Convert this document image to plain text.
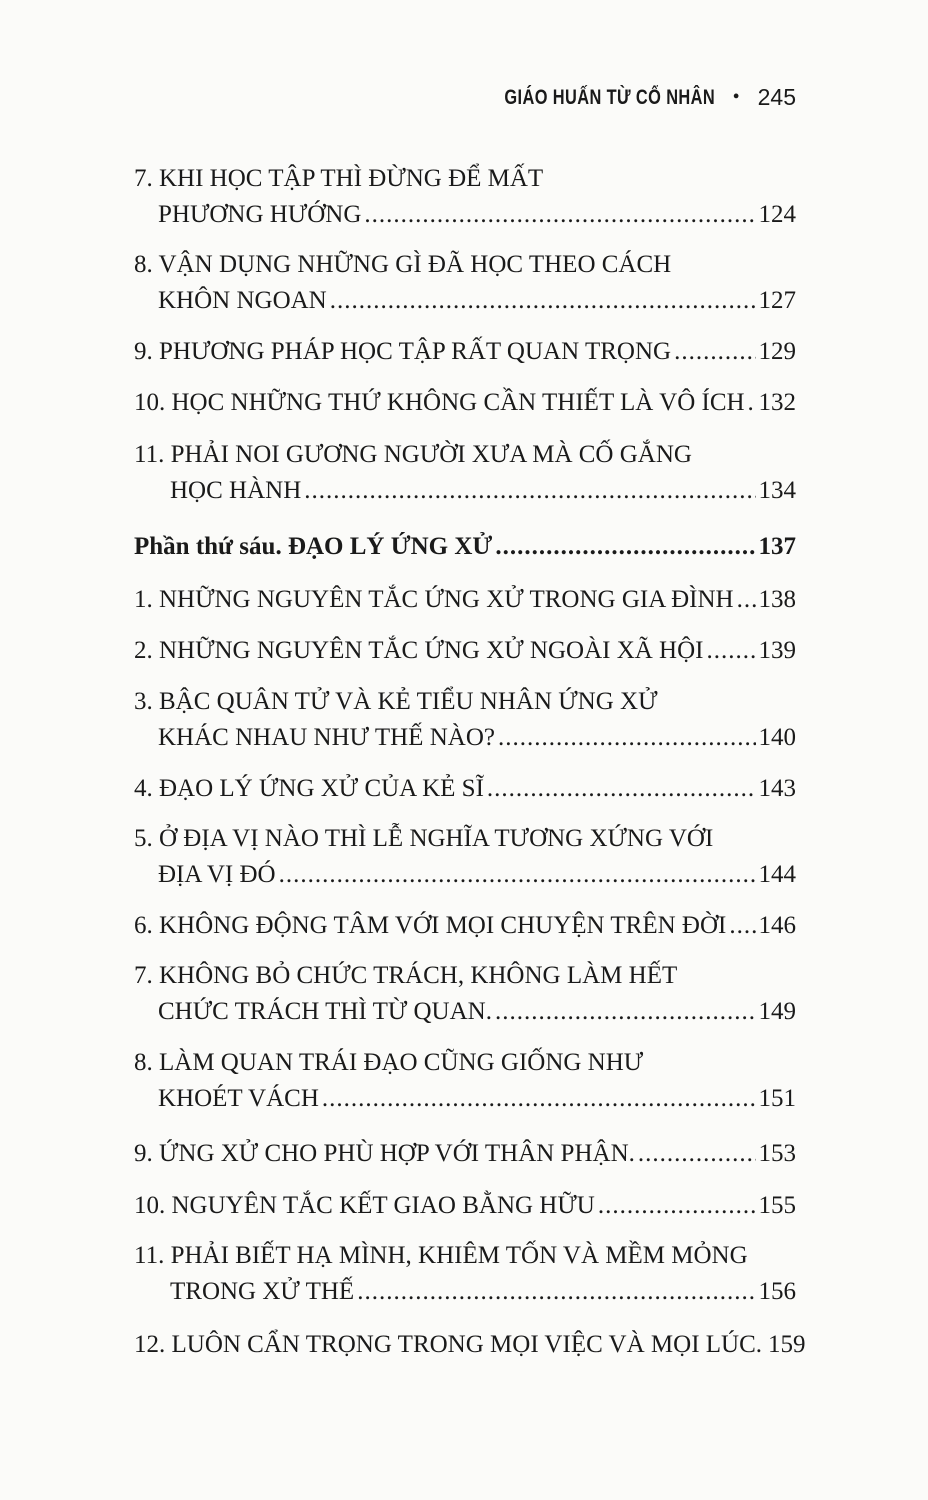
GIÁO HUẤN TỪ CỔ NHÂN • 245
7. KHI HỌC TẬP THÌ ĐỪNG ĐỂ MẤT
PHƯƠNG HƯỚNG .....	124
8. VẬN DỤNG NHỮNG GÌ ĐÃ HỌC THEO CÁCH
KHÔN NGOAN .....	127
9. PHƯƠNG PHÁP HỌC TẬP RẤT QUAN TRỌNG .....	129
10. HỌC NHỮNG THỨ KHÔNG CẦN THIẾT LÀ VÔ ÍCH ..... 132
11. PHẢI NOI GƯƠNG NGƯỜI XƯA MÀ CỐ GẮNG
HỌC HÀNH .....	134
Phần thứ sáu. ĐẠO LÝ ỨNG XỬ .....	137
1. NHỮNG NGUYÊN TẮC ỨNG XỬ TRONG GIA ĐÌNH ..... 138
2. NHỮNG NGUYÊN TẮC ỨNG XỬ NGOÀI XÃ HỘI ..... 139
3. BẬC QUÂN TỬ VÀ KẺ TIỂU NHÂN ỨNG XỬ
KHÁC NHAU NHƯ THẾ NÀO? .....	140
4. ĐẠO LÝ ỨNG XỬ CỦA KẺ SĨ .....	143
5. Ở ĐỊA VỊ NÀO THÌ LỄ NGHĨA TƯƠNG XỨNG VỚI
ĐỊA VỊ ĐÓ .....	144
6. KHÔNG ĐỘNG TÂM VỚI MỌI CHUYỆN TRÊN ĐỜI ..... 146
7. KHÔNG BỎ CHỨC TRÁCH, KHÔNG LÀM HẾT
CHỨC TRÁCH THÌ TỪ QUAN. .....	149
8. LÀM QUAN TRÁI ĐẠO CŨNG GIỐNG NHƯ
KHOÉT VÁCH .....	151
9. ỨNG XỬ CHO PHÙ HỢP VỚI THÂN PHẬN. .....	153
10. NGUYÊN TẮC KẾT GIAO BẰNG HỮU .....	155
11. PHẢI BIẾT HẠ MÌNH, KHIÊM TỐN VÀ MỀM MỎNG
TRONG XỬ THẾ .....	156
12. LUÔN CẨN TRỌNG TRONG MỌI VIỆC VÀ MỌI LÚC. 159
